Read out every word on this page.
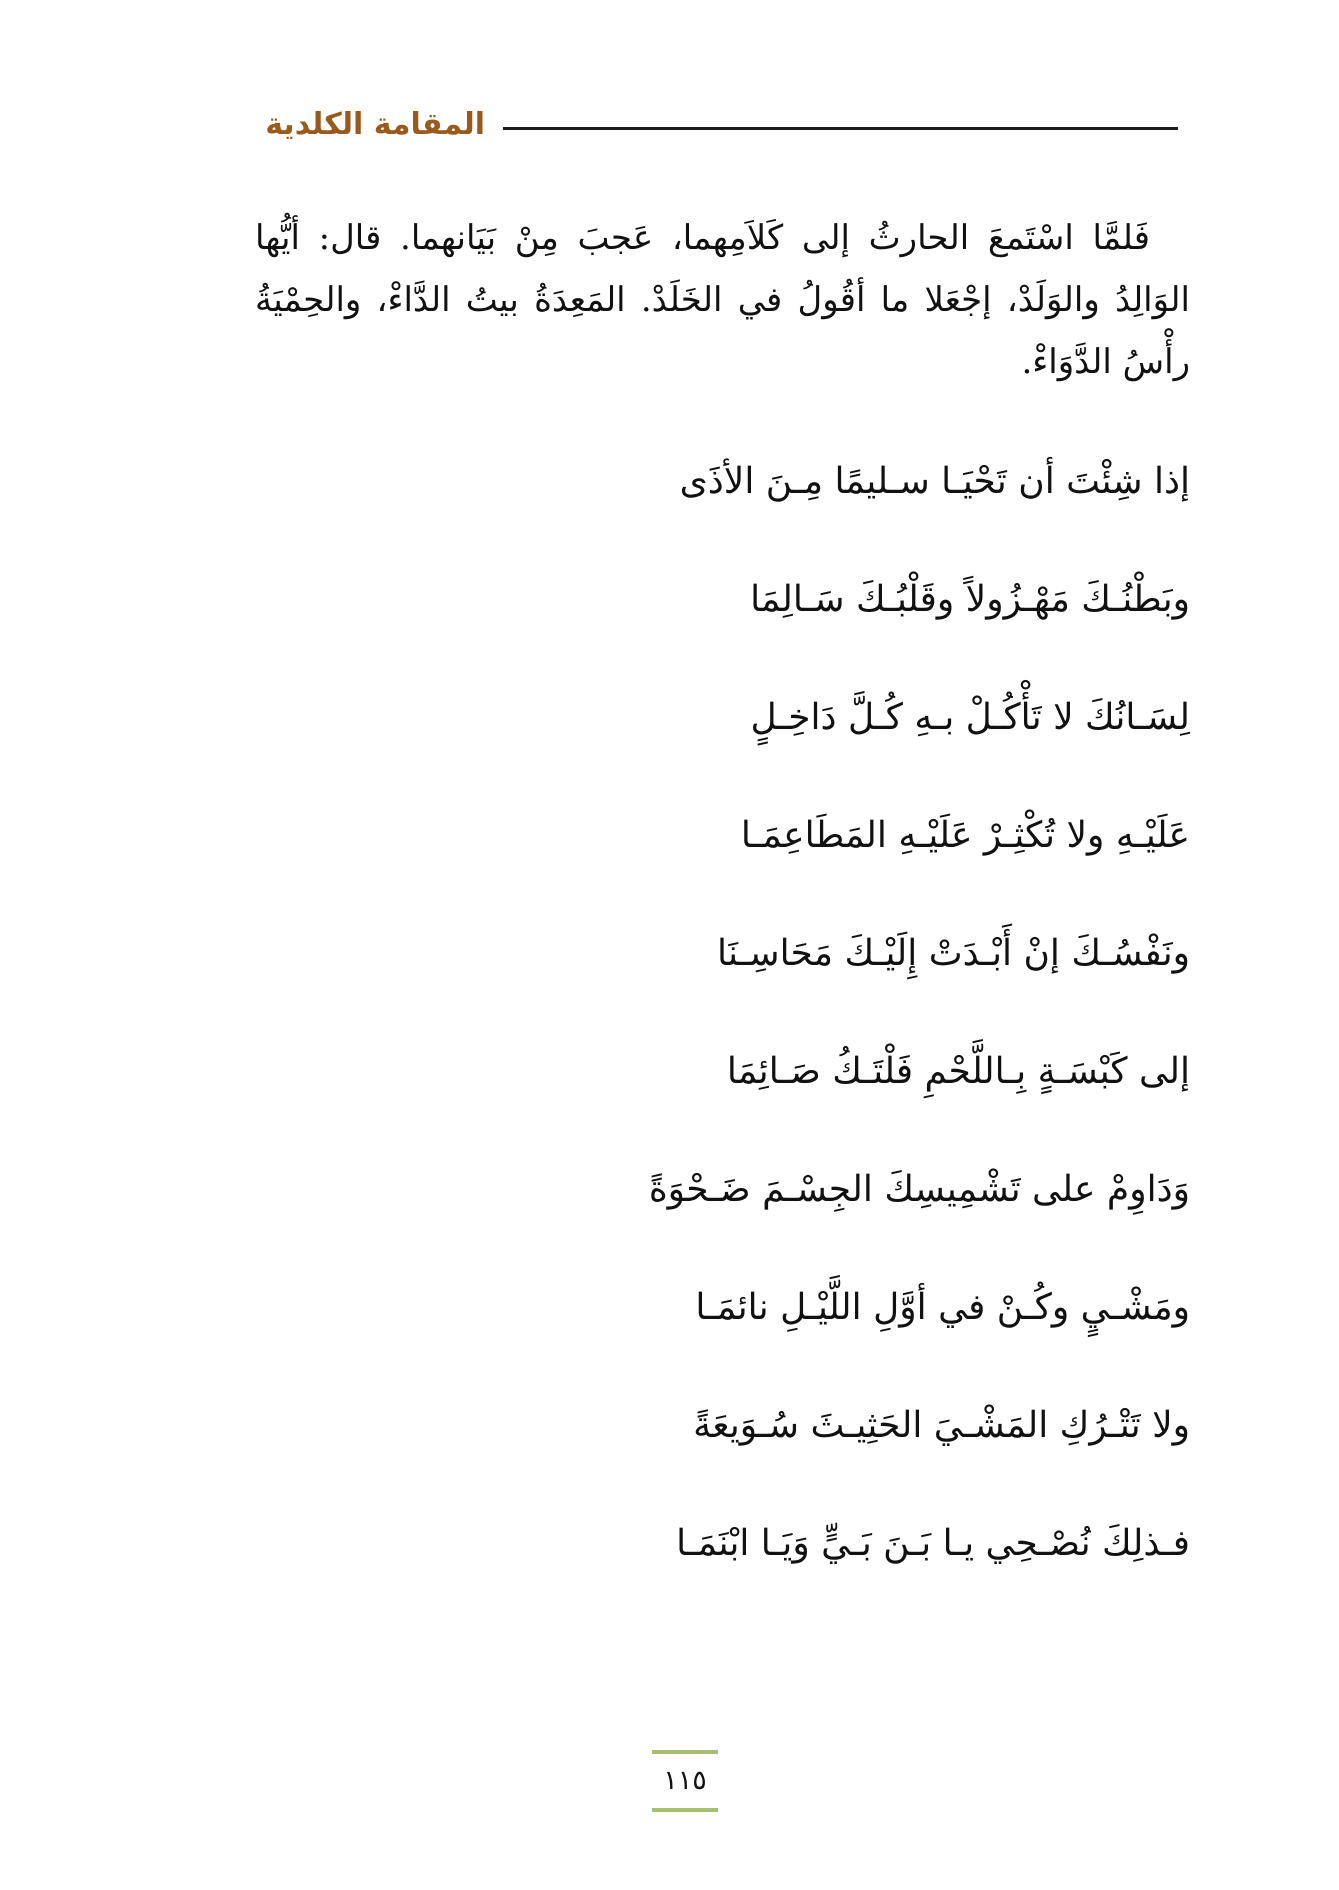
المقامة الكلدية

فَلمَّا اسْتَمعَ الحارثُ إلى كَلاَمِهما، عَجبَ مِنْ بَيَانهما. قال: أيُّها الوَالِدُ والوَلَدْ، إجْعَلا ما أقُولُ في الخَلَدْ. المَعِدَةُ بيتُ الدَّاءْ، والحِمْيَةُ رأْسُ الدَّوَاءْ.

إذا شِئْتَ أن تَحْيَـا سـليمًا مِـنَ الأذَى
وبَطْنُـكَ مَهْـزُولاً وقَلْبُـكَ سَـالِمَا
لِسَـانُكَ لا تَأْكُـلْ بـهِ كُـلَّ دَاخِـلٍ
عَلَيْـهِ ولا تُكْثِـرْ عَلَيْـهِ المَطَاعِمَـا
ونَفْسُـكَ إنْ أَبْـدَتْ إِلَيْـكَ مَحَاسِـنَا
إلى كَبْسَـةٍ بِـاللَّحْمِ فَلْتَـكُ صَـائِمَا
وَدَاوِمْ على تَشْمِيسِكَ الجِسْـمَ ضَـحْوَةً
ومَشْـيٍ وكُـنْ في أوَّلِ اللَّيْـلِ نائمَـا
ولا تَتْـرُكِ المَشْـيَ الحَثِيـثَ سُـوَيعَةً
فـذلِكَ نُصْـحِي يـا بَـنَ بَـيٍّ وَيَـا ابْنَمَـا
١١٥
